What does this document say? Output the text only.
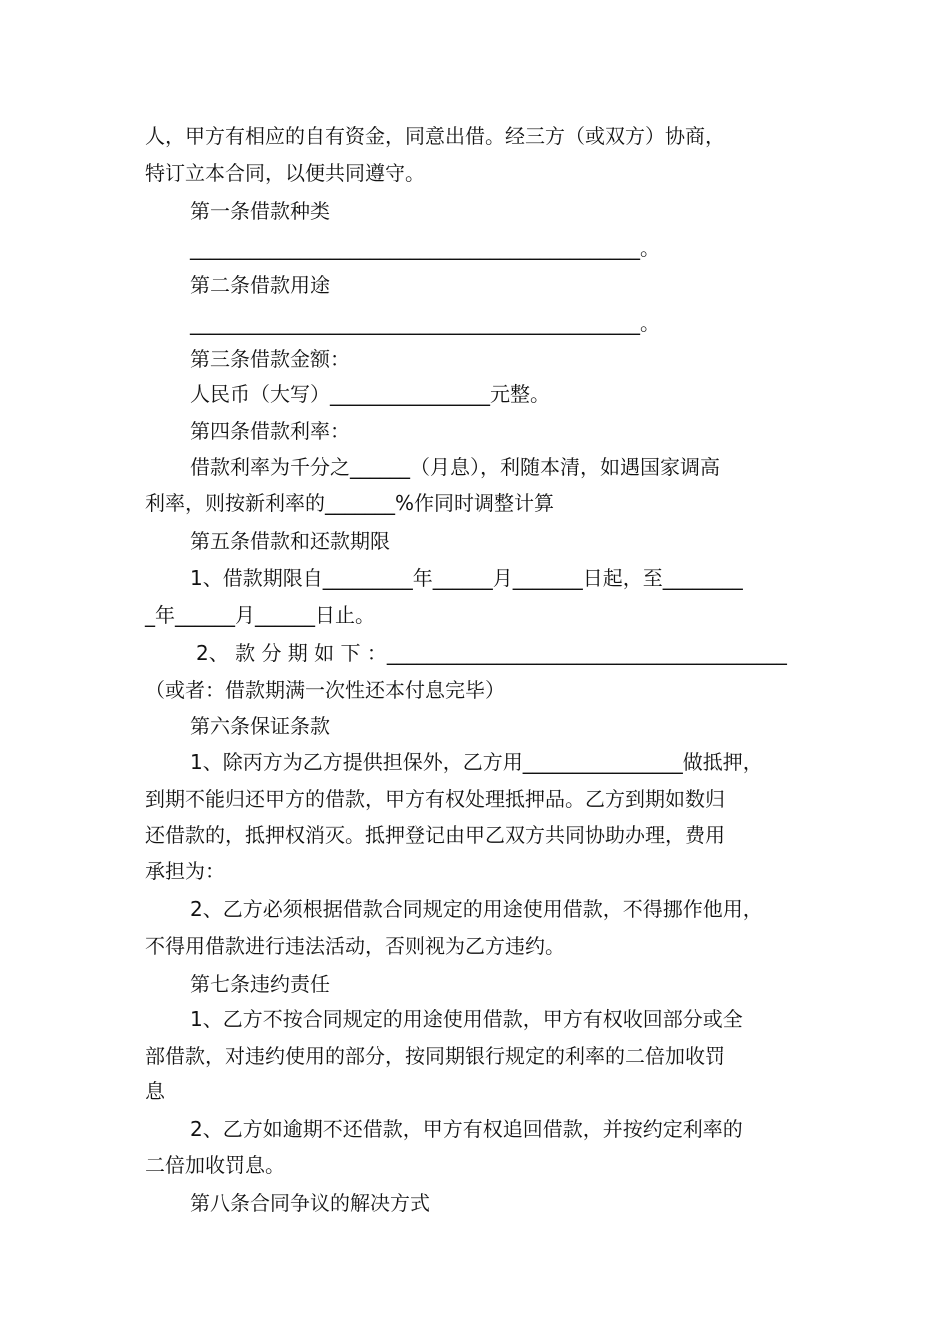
人，甲方有相应的自有资金，同意出借。经三方（或双方）协商，
特订立本合同，以便共同遵守。
第一条借款种类
_____________________________________________。
第二条借款用途
_____________________________________________。
第三条借款金额：
人民币（大写）________________元整。
第四条借款利率：
借款利率为千分之______（月息），利随本清，如遇国家调高
利率，则按新利率的_______%作同时调整计算
第五条借款和还款期限
1、借款期限自_________年______月_______日起，至________
_年______月______日止。
2、 款 分 期 如 下 ：________________________________________
（或者：借款期满一次性还本付息完毕）
第六条保证条款
1、除丙方为乙方提供担保外，乙方用________________做抵押，
到期不能归还甲方的借款，甲方有权处理抵押品。乙方到期如数归
还借款的，抵押权消灭。抵押登记由甲乙双方共同协助办理，费用
承担为：
2、乙方必须根据借款合同规定的用途使用借款，不得挪作他用，
不得用借款进行违法活动，否则视为乙方违约。
第七条违约责任
1、乙方不按合同规定的用途使用借款，甲方有权收回部分或全
部借款，对违约使用的部分，按同期银行规定的利率的二倍加收罚
息
2、乙方如逾期不还借款，甲方有权追回借款，并按约定利率的
二倍加收罚息。
第八条合同争议的解决方式
